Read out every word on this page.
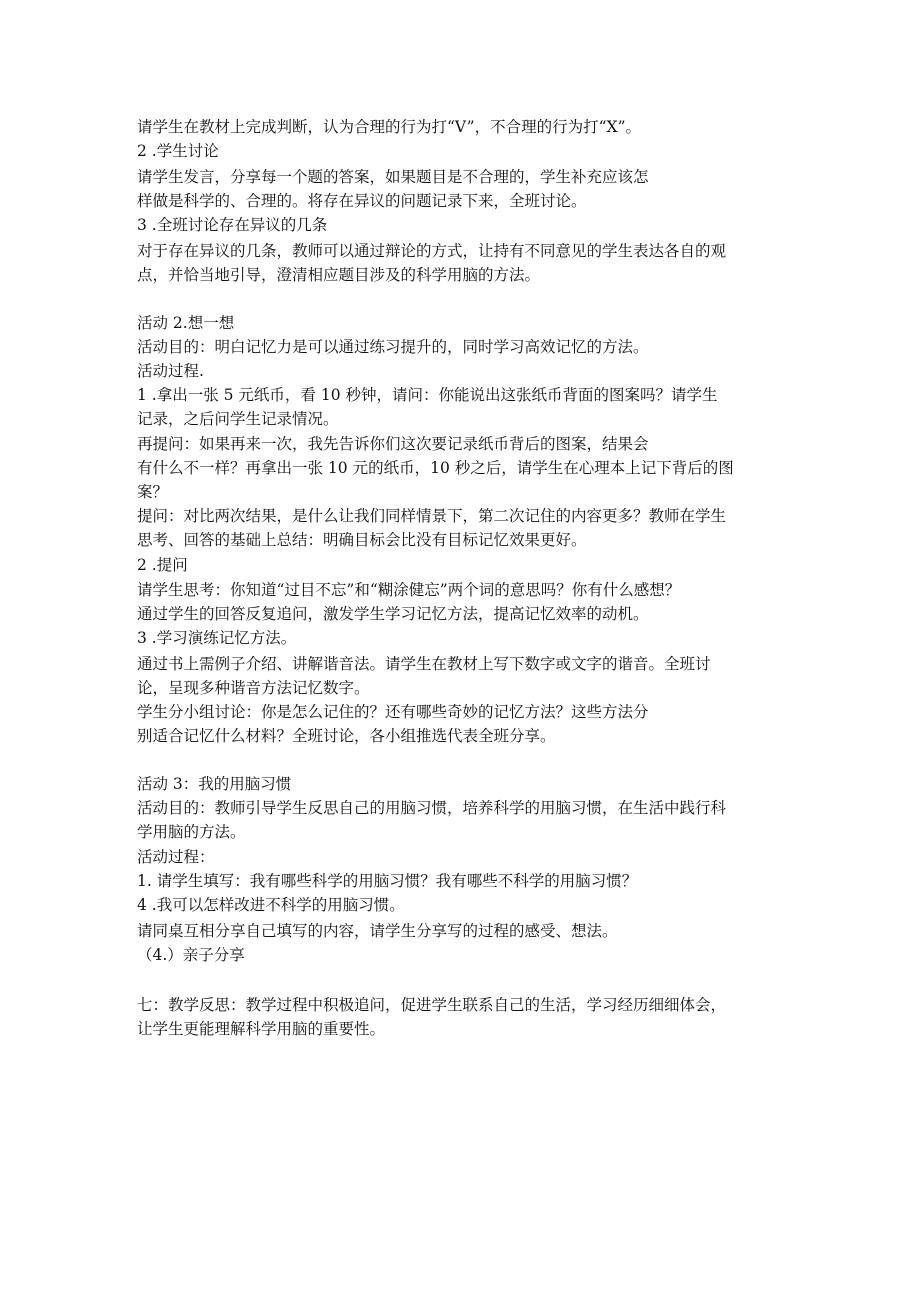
请学生在教材上完成判断，认为合理的行为打“V”，不合理的行为打“X”。
2 .学生讨论
请学生发言，分享每一个题的答案，如果题目是不合理的，学生补充应该怎
样做是科学的、合理的。将存在异议的问题记录下来，全班讨论。
3 .全班讨论存在异议的几条
对于存在异议的几条，教师可以通过辩论的方式，让持有不同意见的学生表达各自的观
点，并恰当地引导，澄清相应题目涉及的科学用脑的方法。
活动 2.想一想
活动目的：明白记忆力是可以通过练习提升的，同时学习高效记忆的方法。
活动过程.
1 .拿出一张 5 元纸币，看 10 秒钟，请问：你能说出这张纸币背面的图案吗？请学生
记录，之后问学生记录情况。
再提问：如果再来一次，我先告诉你们这次要记录纸币背后的图案，结果会
有什么不一样？再拿出一张 10 元的纸币，10 秒之后，请学生在心理本上记下背后的图
案？
提问：对比两次结果，是什么让我们同样情景下，第二次记住的内容更多？教师在学生
思考、回答的基础上总结：明确目标会比没有目标记忆效果更好。
2 .提问
请学生思考：你知道“过目不忘”和“糊涂健忘”两个词的意思吗？你有什么感想？
通过学生的回答反复追问，激发学生学习记忆方法，提高记忆效率的动机。
3 .学习演练记忆方法。
通过书上需例子介绍、讲解谐音法。请学生在教材上写下数字或文字的谐音。全班讨
论，呈现多种谐音方法记忆数字。
学生分小组讨论：你是怎么记住的？还有哪些奇妙的记忆方法？这些方法分
别适合记忆什么材料？全班讨论，各小组推选代表全班分享。
活动 3：我的用脑习惯
活动目的：教师引导学生反思自己的用脑习惯，培养科学的用脑习惯，在生活中践行科
学用脑的方法。
活动过程：
1. 请学生填写：我有哪些科学的用脑习惯？我有哪些不科学的用脑习惯？
4 .我可以怎样改进不科学的用脑习惯。
请同桌互相分享自己填写的内容，请学生分享写的过程的感受、想法。
（4.）亲子分享
七：教学反思：教学过程中积极追问，促进学生联系自己的生活，学习经历细细体会，
让学生更能理解科学用脑的重要性。
